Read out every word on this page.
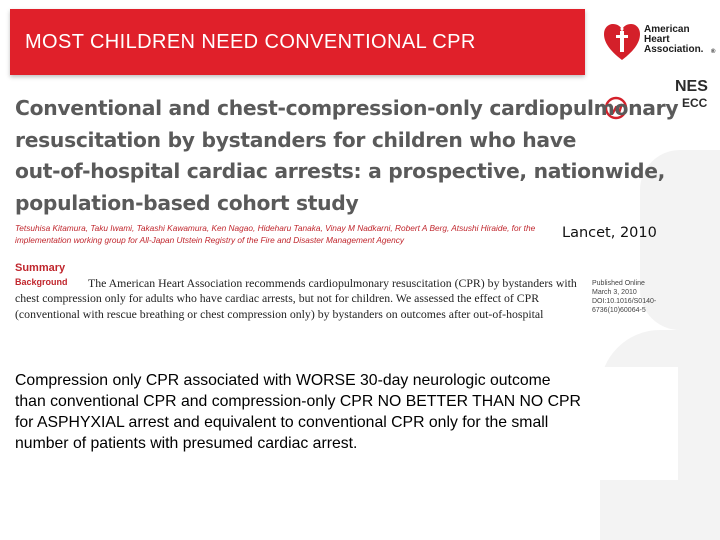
MOST CHILDREN NEED CONVENTIONAL CPR
American
Heart
Association. ®
NES
ECC
Conventional and chest-compression-only cardiopulmonary
resuscitation by bystanders for children who have
out-of-hospital cardiac arrests: a prospective, nationwide,
population-based cohort study
Tetsuhisa Kitamura, Taku Iwami, Takashi Kawamura, Ken Nagao, Hideharu Tanaka, Vinay M Nadkarni, Robert A Berg, Atsushi Hiraide, for the
implementation working group for All-Japan Utstein Registry of the Fire and Disaster Management Agency
Summary
The American Heart Association recommends cardiopulmonary resuscitation (CPR) by bystanders with
chest compression only for adults who have cardiac arrests, but not for children. We assessed the effect of CPR
(conventional with rescue breathing or chest compression only) by bystanders on outcomes after out-of-hospital
Background	Published Online
March 3, 2010
DOI:10.1016/S0140-
6736(10)60064-5
Lancet, 2010
Compression only CPR associated with WORSE 30-day neurologic outcome
than conventional CPR and compression-only CPR NO BETTER THAN NO CPR
for ASPHYXIAL arrest and equivalent to conventional CPR only for the small
number of patients with presumed cardiac arrest.
